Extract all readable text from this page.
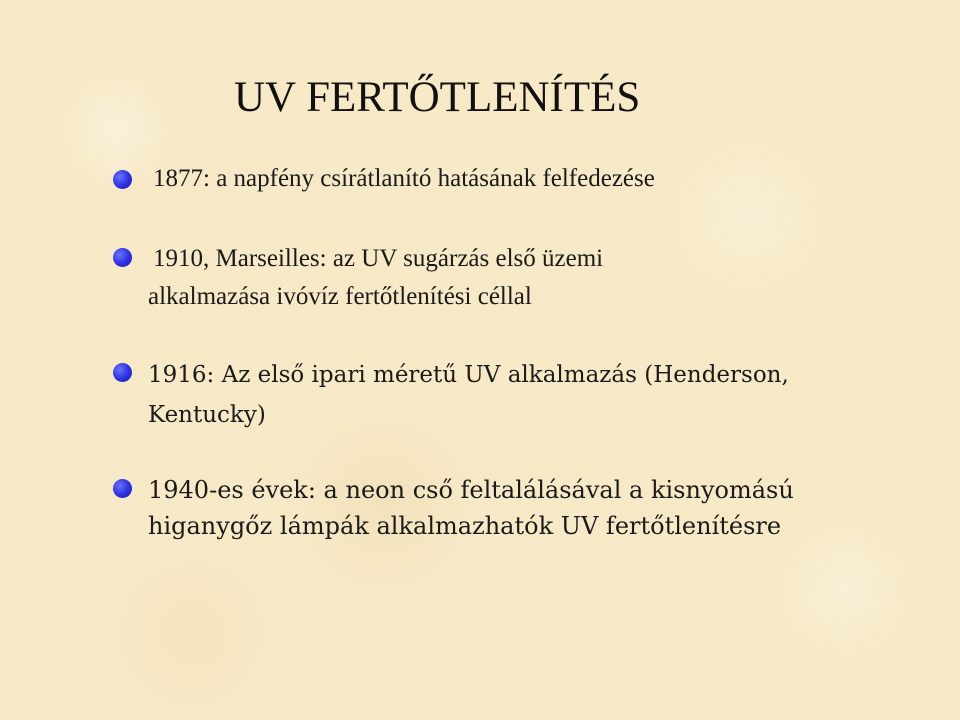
UV FERTŐTLENÍTÉS
1877: a napfény csírátlanító hatásának felfedezése
1910, Marseilles: az UV sugárzás első üzemi
alkalmazása ivóvíz fertőtlenítési céllal
1916: Az első ipari méretű UV alkalmazás (Henderson,
Kentucky)
1940-es évek: a neon cső feltalálásával a kisnyomású
higanygőz lámpák alkalmazhatók UV fertőtlenítésre
